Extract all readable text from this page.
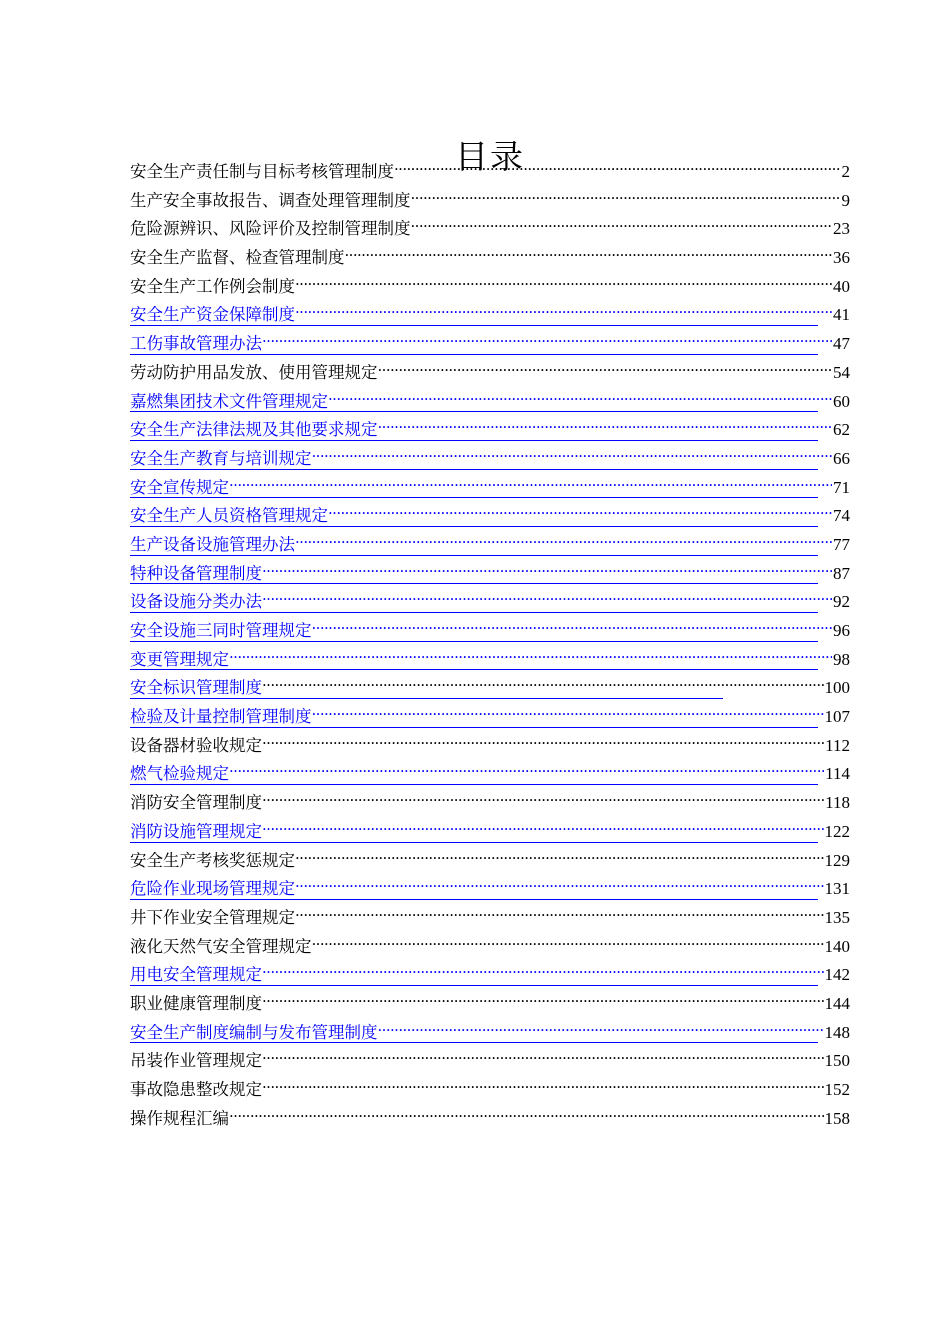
目录
安全生产责任制与目标考核管理制度 ·····	2
生产安全事故报告、调查处理管理制度 ·····	9
危险源辨识、风险评价及控制管理制度 ·····	23
安全生产监督、检查管理制度 ·····	36
安全生产工作例会制度 ·····	40
安全生产资金保障制度 ·····	41
工伤事故管理办法 ·····	47
劳动防护用品发放、使用管理规定 ·····	54
嘉燃集团技术文件管理规定 ·····	60
安全生产法律法规及其他要求规定 ·····	62
安全生产教育与培训规定 ·····	66
安全宣传规定 ·····	71
安全生产人员资格管理规定 ·····	74
生产设备设施管理办法 ·····	77
特种设备管理制度 ·····	87
设备设施分类办法 ·····	92
安全设施三同时管理规定 ·····	96
变更管理规定 ·····	98
安全标识管理制度 ·····	100
检验及计量控制管理制度 ·····	107
设备器材验收规定 ·····	112
燃气检验规定 ·····	114
消防安全管理制度 ·····	118
消防设施管理规定 ·····	122
安全生产考核奖惩规定 ·····	129
危险作业现场管理规定 ·····	131
井下作业安全管理规定 ·····	135
液化天然气安全管理规定 ·····	140
用电安全管理规定 ·····	142
职业健康管理制度 ·····	144
安全生产制度编制与发布管理制度 ·····	148
吊装作业管理规定 ·····	150
事故隐患整改规定 ·····	152
操作规程汇编 ·····	158
